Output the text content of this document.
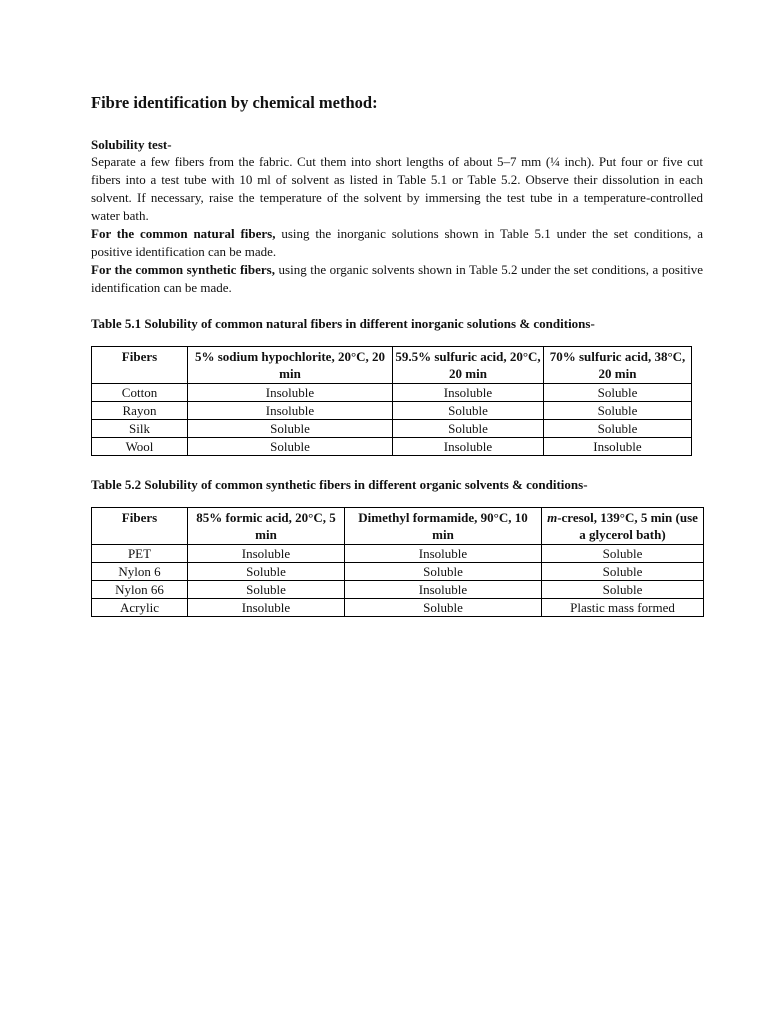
Fibre identification by chemical method:
Solubility test-

Separate a few fibers from the fabric. Cut them into short lengths of about 5–7 mm (¼ inch). Put four or five cut fibers into a test tube with 10 ml of solvent as listed in Table 5.1 or Table 5.2. Observe their dissolution in each solvent. If necessary, raise the temperature of the solvent by immersing the test tube in a temperature-controlled water bath.

For the common natural fibers, using the inorganic solutions shown in Table 5.1 under the set conditions, a positive identification can be made.

For the common synthetic fibers, using the organic solvents shown in Table 5.2 under the set conditions, a positive identification can be made.

Table 5.1 Solubility of common natural fibers in different inorganic solutions & conditions-

Fibers	5% sodium hypochlorite, 20°C, 20 min	59.5% sulfuric acid, 20°C, 20 min	70% sulfuric acid, 38°C, 20 min
Cotton	Insoluble	Insoluble	Soluble
Rayon	Insoluble	Soluble	Soluble
Silk	Soluble	Soluble	Soluble
Wool	Soluble	Insoluble	Insoluble

Table 5.2 Solubility of common synthetic fibers in different organic solvents & conditions-

Fibers	85% formic acid, 20°C, 5 min	Dimethyl formamide, 90°C, 10 min	m-cresol, 139°C, 5 min (use a glycerol bath)
PET	Insoluble	Insoluble	Soluble
Nylon 6	Soluble	Soluble	Soluble
Nylon 66	Soluble	Insoluble	Soluble
Acrylic	Insoluble	Soluble	Plastic mass formed
